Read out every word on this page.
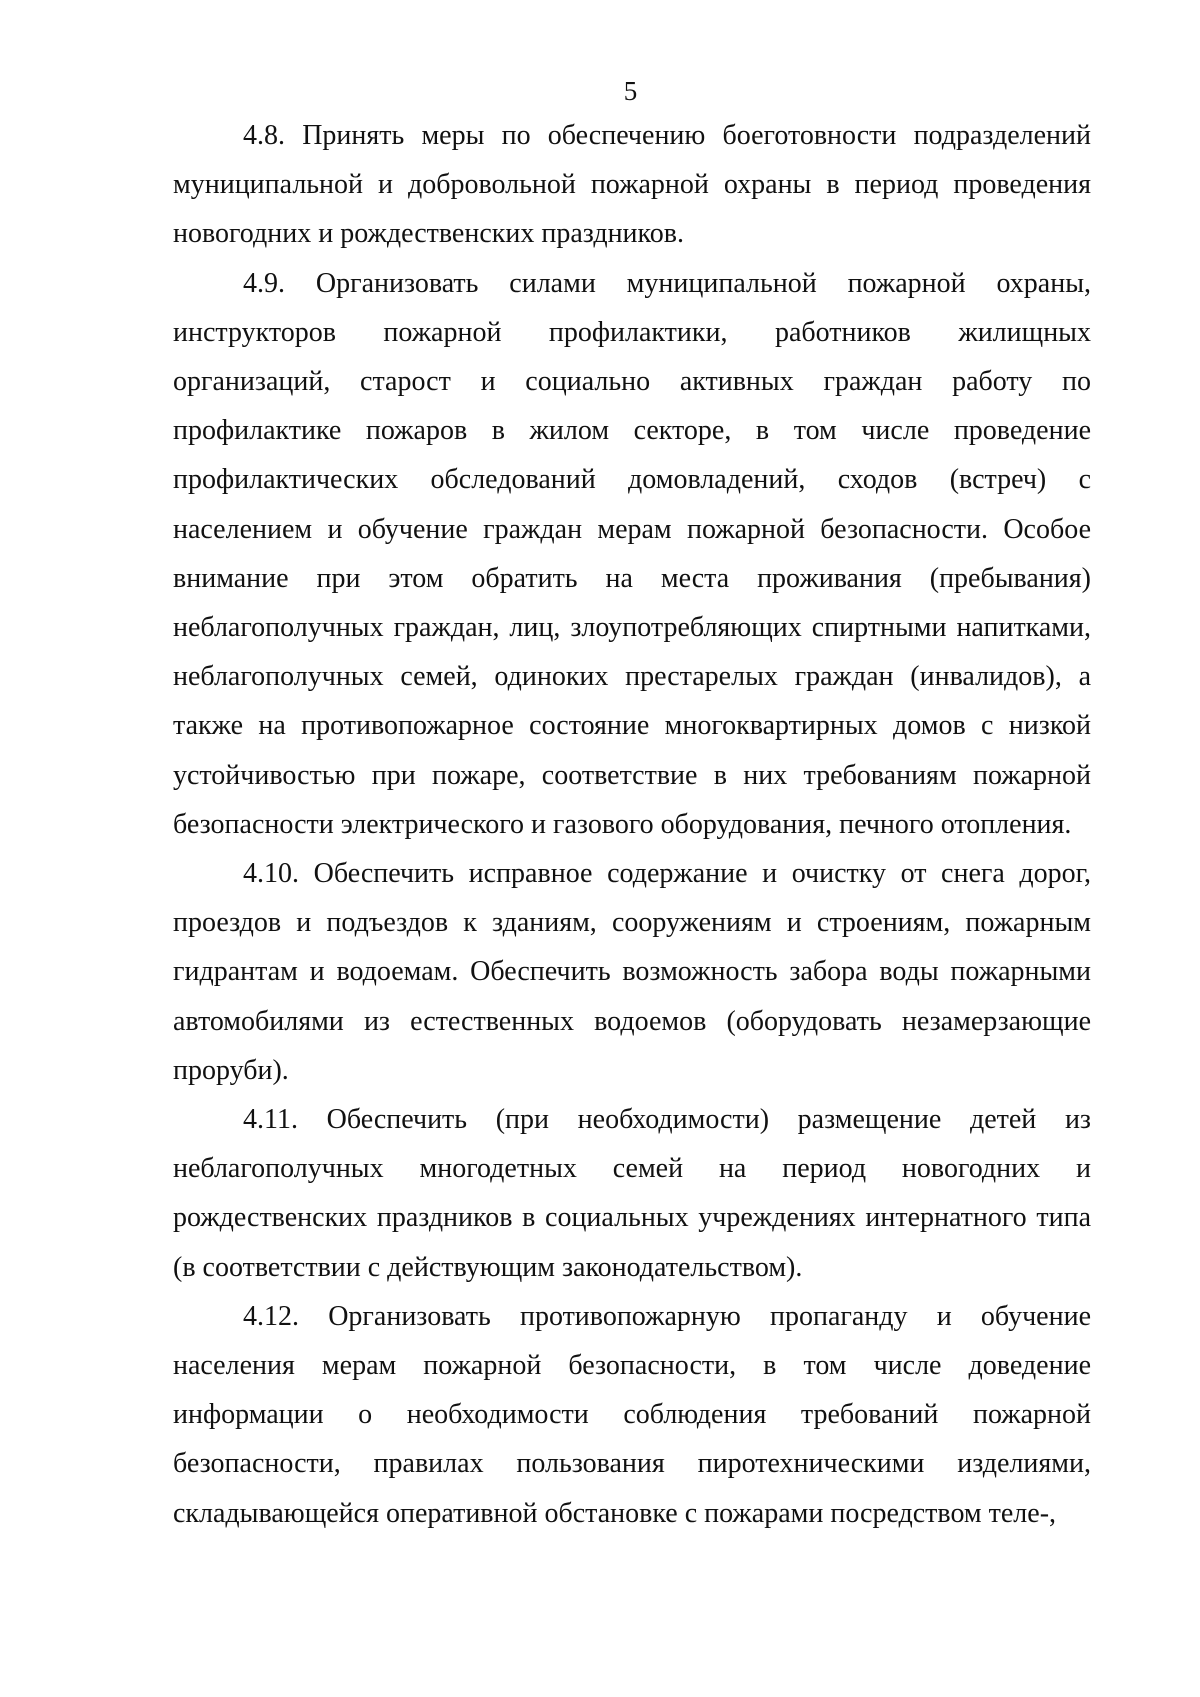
5

4.8. Принять меры по обеспечению боеготовности подразделений муниципальной и добровольной пожарной охраны в период проведения новогодних и рождественских праздников.

4.9. Организовать силами муниципальной пожарной охраны, инструкторов пожарной профилактики, работников жилищных организаций, старост и социально активных граждан работу по профилактике пожаров в жилом секторе, в том числе проведение профилактических обследований домовладений, сходов (встреч) с населением и обучение граждан мерам пожарной безопасности. Особое внимание при этом обратить на места проживания (пребывания) неблагополучных граждан, лиц, злоупотребляющих спиртными напитками, неблагополучных семей, одиноких престарелых граждан (инвалидов), а также на противопожарное состояние многоквартирных домов с низкой устойчивостью при пожаре, соответствие в них требованиям пожарной безопасности электрического и газового оборудования, печного отопления.

4.10. Обеспечить исправное содержание и очистку от снега дорог, проездов и подъездов к зданиям, сооружениям и строениям, пожарным гидрантам и водоемам. Обеспечить возможность забора воды пожарными автомобилями из естественных водоемов (оборудовать незамерзающие проруби).

4.11. Обеспечить (при необходимости) размещение детей из неблагополучных многодетных семей на период новогодних и рождественских праздников в социальных учреждениях интернатного типа (в соответствии с действующим законодательством).

4.12. Организовать противопожарную пропаганду и обучение населения мерам пожарной безопасности, в том числе доведение информации о необходимости соблюдения требований пожарной безопасности, правилах пользования пиротехническими изделиями, складывающейся оперативной обстановке с пожарами посредством теле-,
